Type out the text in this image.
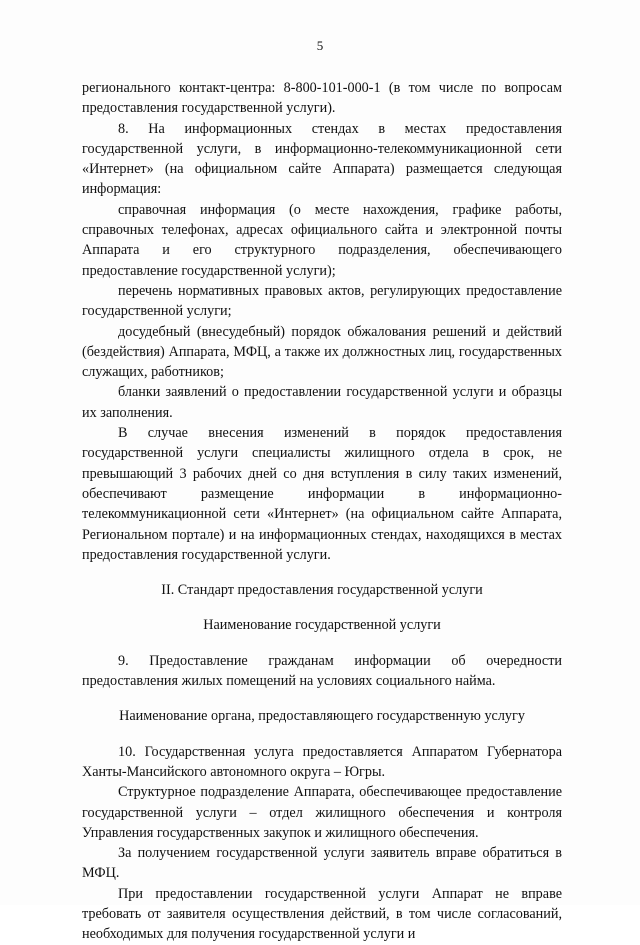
5

регионального контакт-центра: 8-800-101-000-1 (в том числе по вопросам предоставления государственной услуги).

8. На информационных стендах в местах предоставления государственной услуги, в информационно-телекоммуникационной сети «Интернет» (на официальном сайте Аппарата) размещается следующая информация:

справочная информация (о месте нахождения, графике работы, справочных телефонах, адресах официального сайта и электронной почты Аппарата и его структурного подразделения, обеспечивающего предоставление государственной услуги);

перечень нормативных правовых актов, регулирующих предоставление государственной услуги;

досудебный (внесудебный) порядок обжалования решений и действий (бездействия) Аппарата, МФЦ, а также их должностных лиц, государственных служащих, работников;

бланки заявлений о предоставлении государственной услуги и образцы их заполнения.

В случае внесения изменений в порядок предоставления государственной услуги специалисты жилищного отдела в срок, не превышающий 3 рабочих дней со дня вступления в силу таких изменений, обеспечивают размещение информации в информационно-телекоммуникационной сети «Интернет» (на официальном сайте Аппарата, Региональном портале) и на информационных стендах, находящихся в местах предоставления государственной услуги.

II. Стандарт предоставления государственной услуги

Наименование государственной услуги

9. Предоставление гражданам информации об очередности предоставления жилых помещений на условиях социального найма.

Наименование органа, предоставляющего государственную услугу

10. Государственная услуга предоставляется Аппаратом Губернатора Ханты-Мансийского автономного округа – Югры.

Структурное подразделение Аппарата, обеспечивающее предоставление государственной услуги – отдел жилищного обеспечения и контроля Управления государственных закупок и жилищного обеспечения.

За получением государственной услуги заявитель вправе обратиться в МФЦ.

При предоставлении государственной услуги Аппарат не вправе требовать от заявителя осуществления действий, в том числе согласований, необходимых для получения государственной услуги и
